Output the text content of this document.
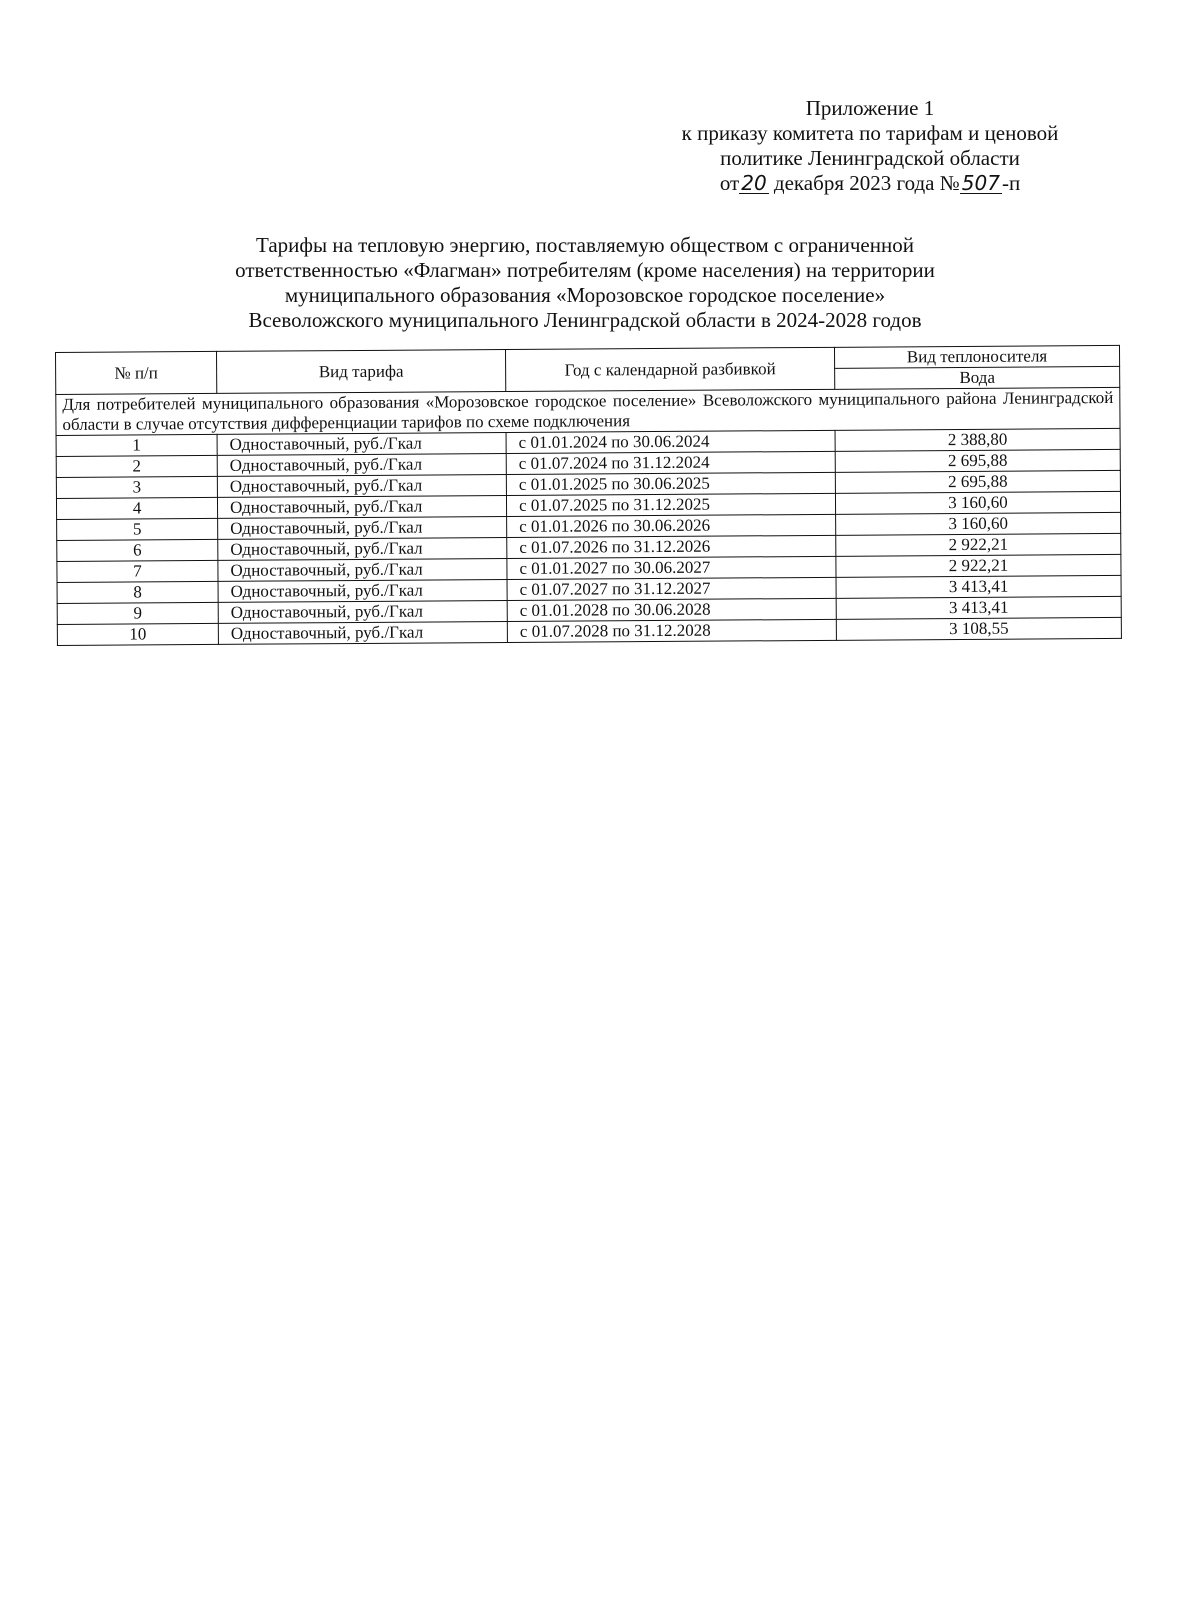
Приложение 1
к приказу комитета по тарифам и ценовой
политике Ленинградской области
от 20 декабря 2023 года № 507-п
Тарифы на тепловую энергию, поставляемую обществом с ограниченной
ответственностью «Флагман» потребителям (кроме населения) на территории
муниципального образования «Морозовское городское поселение»
Всеволожского муниципального Ленинградской области в 2024-2028 годов
№ п/п	Вид тарифа	Год с календарной разбивкой	Вид теплоносителя
			Вода
Для потребителей муниципального образования «Морозовское городское поселение» Всеволожского муниципального района Ленинградской области в случае отсутствия дифференциации тарифов по схеме подключения			
1	Одноставочный, руб./Гкал	с 01.01.2024 по 30.06.2024	2 388,80
2	Одноставочный, руб./Гкал	с 01.07.2024 по 31.12.2024	2 695,88
3	Одноставочный, руб./Гкал	с 01.01.2025 по 30.06.2025	2 695,88
4	Одноставочный, руб./Гкал	с 01.07.2025 по 31.12.2025	3 160,60
5	Одноставочный, руб./Гкал	с 01.01.2026 по 30.06.2026	3 160,60
6	Одноставочный, руб./Гкал	с 01.07.2026 по 31.12.2026	2 922,21
7	Одноставочный, руб./Гкал	с 01.01.2027 по 30.06.2027	2 922,21
8	Одноставочный, руб./Гкал	с 01.07.2027 по 31.12.2027	3 413,41
9	Одноставочный, руб./Гкал	с 01.01.2028 по 30.06.2028	3 413,41
10	Одноставочный, руб./Гкал	с 01.07.2028 по 31.12.2028	3 108,55
